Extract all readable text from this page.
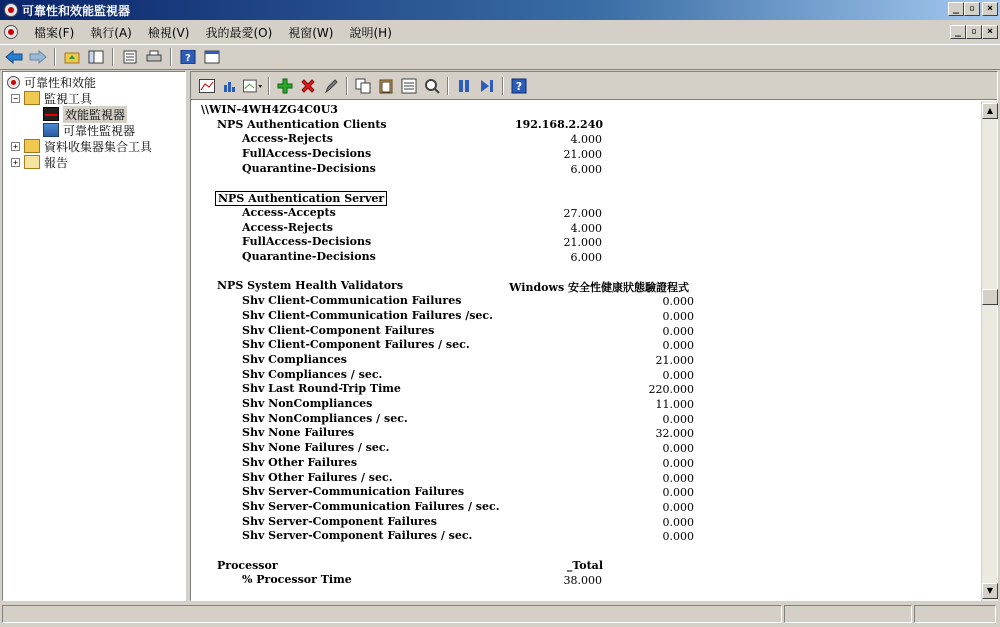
可靠性和效能監視器	_ ▫	×
檔案(F)	執行(A)	檢視(V)	我的最愛(O)	視窗(W)	說明(H)	_ ▫ ×
?
可靠性和效能
− 監視工具
效能監視器
可靠性監視器
+ 資料收集器集合工具
+ 報告
?
\\WIN-4WH4ZG4C0U3
NPS Authentication Clients	192.168.2.240
Access-Rejects	4.000
FullAccess-Decisions	21.000
Quarantine-Decisions	6.000
NPS Authentication Server
Access-Accepts	27.000
Access-Rejects	4.000
FullAccess-Decisions	21.000
Quarantine-Decisions	6.000
NPS System Health Validators	Windows 安全性健康狀態驗證程式
Shv Client-Communication Failures	0.000
Shv Client-Communication Failures /sec.	0.000
Shv Client-Component Failures	0.000
Shv Client-Component Failures / sec.	0.000
Shv Compliances	21.000
Shv Compliances / sec.	0.000
Shv Last Round-Trip Time	220.000
Shv NonCompliances	11.000
Shv NonCompliances / sec.	0.000
Shv None Failures	32.000
Shv None Failures / sec.	0.000
Shv Other Failures	0.000
Shv Other Failures / sec.	0.000
Shv Server-Communication Failures	0.000
Shv Server-Communication Failures / sec.	0.000
Shv Server-Component Failures	0.000
Shv Server-Component Failures / sec.	0.000
Processor	_Total
% Processor Time	38.000
▲
▼
